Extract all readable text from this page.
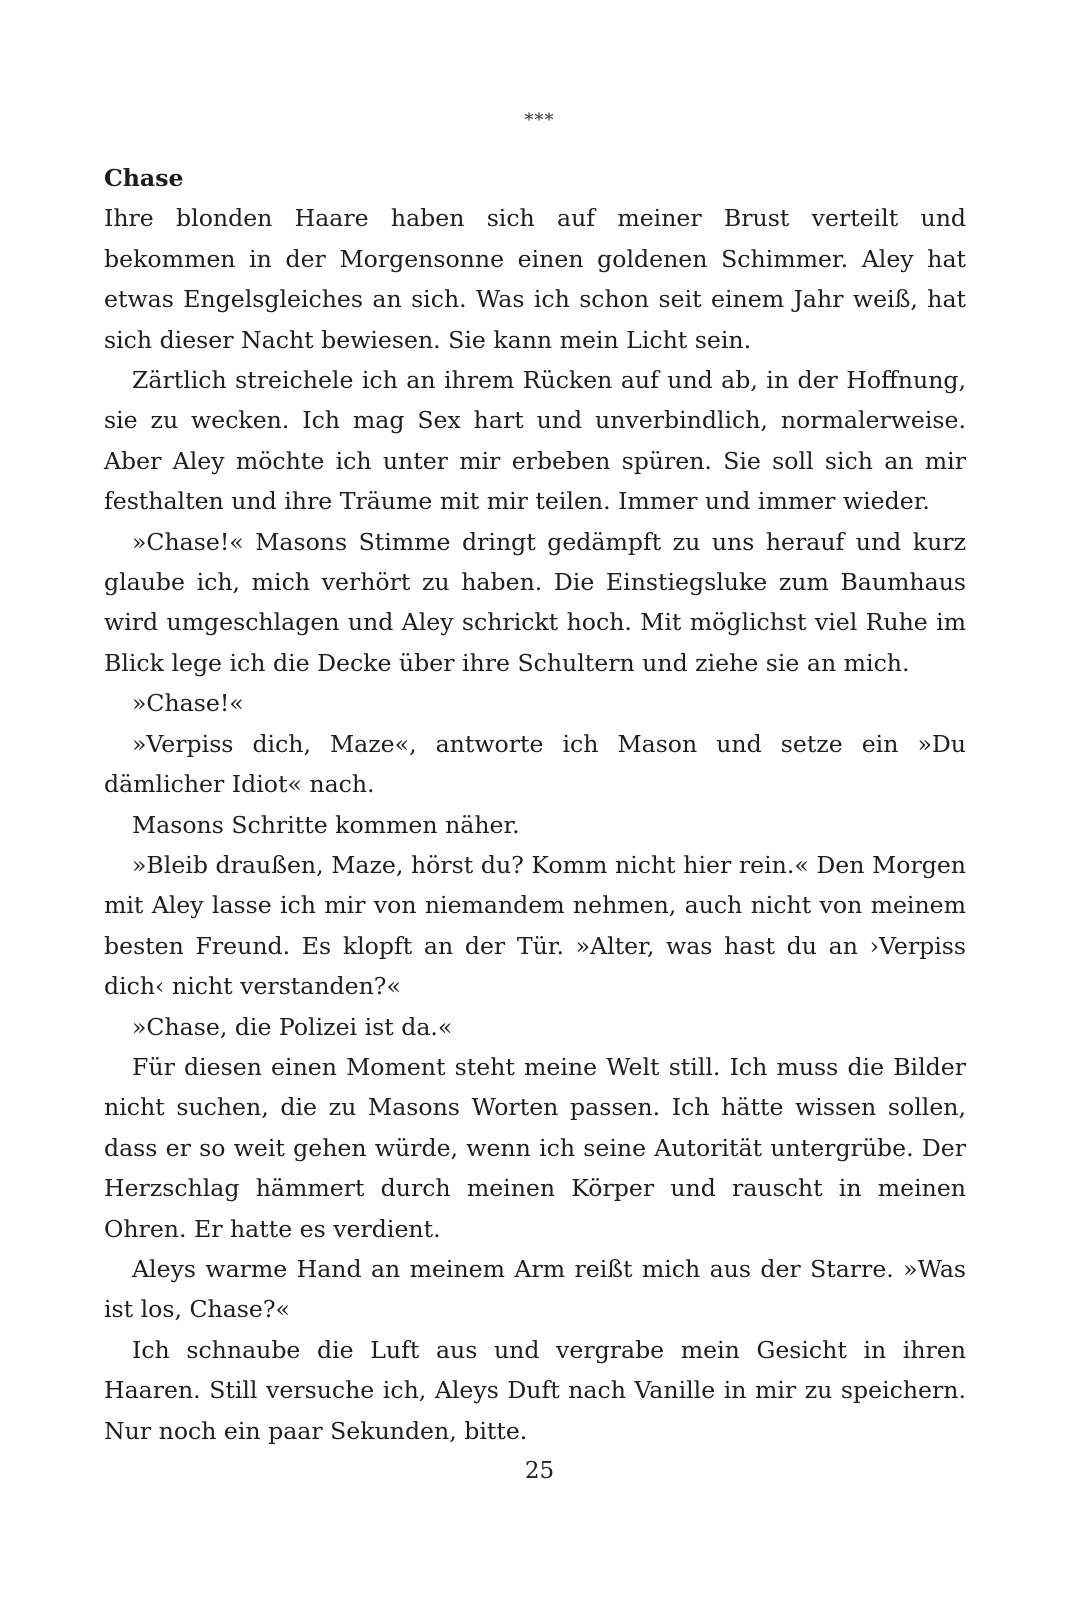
***

Chase

Ihre blonden Haare haben sich auf meiner Brust verteilt und bekommen in der Morgensonne einen goldenen Schimmer. Aley hat etwas Engelsgleiches an sich. Was ich schon seit einem Jahr weiß, hat sich dieser Nacht bewiesen. Sie kann mein Licht sein.

Zärtlich streichele ich an ihrem Rücken auf und ab, in der Hoffnung, sie zu wecken. Ich mag Sex hart und unverbindlich, normalerweise. Aber Aley möchte ich unter mir erbeben spüren. Sie soll sich an mir festhalten und ihre Träume mit mir teilen. Immer und immer wieder.

»Chase!« Masons Stimme dringt gedämpft zu uns herauf und kurz glaube ich, mich verhört zu haben. Die Einstiegsluke zum Baumhaus wird umgeschlagen und Aley schrickt hoch. Mit möglichst viel Ruhe im Blick lege ich die Decke über ihre Schultern und ziehe sie an mich.

»Chase!«

»Verpiss dich, Maze«, antworte ich Mason und setze ein »Du dämlicher Idiot« nach.

Masons Schritte kommen näher.

»Bleib draußen, Maze, hörst du? Komm nicht hier rein.« Den Morgen mit Aley lasse ich mir von niemandem nehmen, auch nicht von meinem besten Freund. Es klopft an der Tür. »Alter, was hast du an ›Verpiss dich‹ nicht verstanden?«

»Chase, die Polizei ist da.«

Für diesen einen Moment steht meine Welt still. Ich muss die Bilder nicht suchen, die zu Masons Worten passen. Ich hätte wissen sollen, dass er so weit gehen würde, wenn ich seine Autorität untergrübe. Der Herzschlag hämmert durch meinen Körper und rauscht in meinen Ohren. Er hatte es verdient.

Aleys warme Hand an meinem Arm reißt mich aus der Starre. »Was ist los, Chase?«

Ich schnaube die Luft aus und vergrabe mein Gesicht in ihren Haaren. Still versuche ich, Aleys Duft nach Vanille in mir zu speichern. Nur noch ein paar Sekunden, bitte.

25
